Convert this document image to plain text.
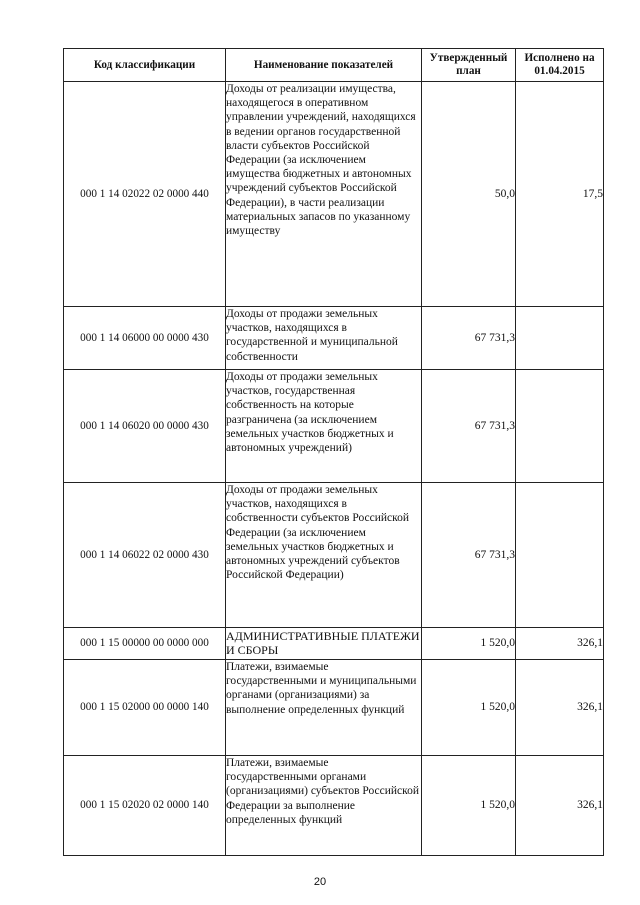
Код классификации	Наименование показателей	Утвержденный план	Исполнено на 01.04.2015
000 1 14 02022 02 0000 440	Доходы от реализации имущества, находящегося в оперативном управлении учреждений, находящихся в ведении органов государственной власти субъектов Российской Федерации (за исключением имущества бюджетных и автономных учреждений субъектов Российской Федерации), в части реализации материальных запасов по указанному имуществу	50,0	17,5
000 1 14 06000 00 0000 430	Доходы от продажи земельных участков, находящихся в государственной и муниципальной собственности	67 731,3	
000 1 14 06020 00 0000 430	Доходы от продажи земельных участков, государственная собственность на которые разграничена (за исключением земельных участков бюджетных и автономных учреждений)	67 731,3	
000 1 14 06022 02 0000 430	Доходы от продажи земельных участков, находящихся в собственности субъектов Российской Федерации (за исключением земельных участков бюджетных и автономных учреждений субъектов Российской Федерации)	67 731,3	
000 1 15 00000 00 0000 000	АДМИНИСТРАТИВНЫЕ ПЛАТЕЖИ И СБОРЫ	1 520,0	326,1
000 1 15 02000 00 0000 140	Платежи, взимаемые государственными и муниципальными органами (организациями) за выполнение определенных функций	1 520,0	326,1
000 1 15 02020 02 0000 140	Платежи, взимаемые государственными органами (организациями) субъектов Российской Федерации за выполнение определенных функций	1 520,0	326,1
20
